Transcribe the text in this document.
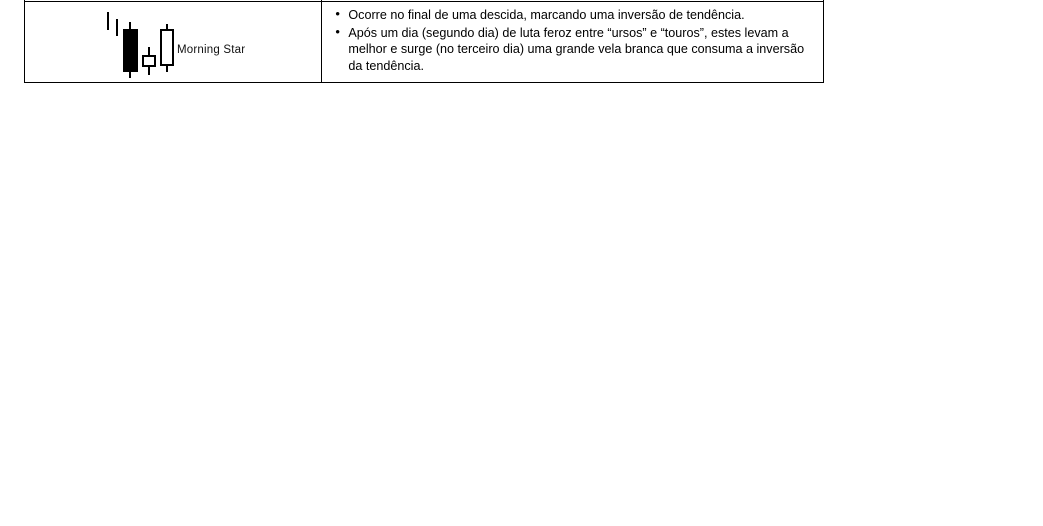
Morning Star

• Ocorre no final de uma descida, marcando uma inversão de tendência.
• Após um dia (segundo dia) de luta feroz entre “ursos” e “touros”, estes levam a melhor e surge (no terceiro dia) uma grande vela branca que consuma a inversão da tendência.
